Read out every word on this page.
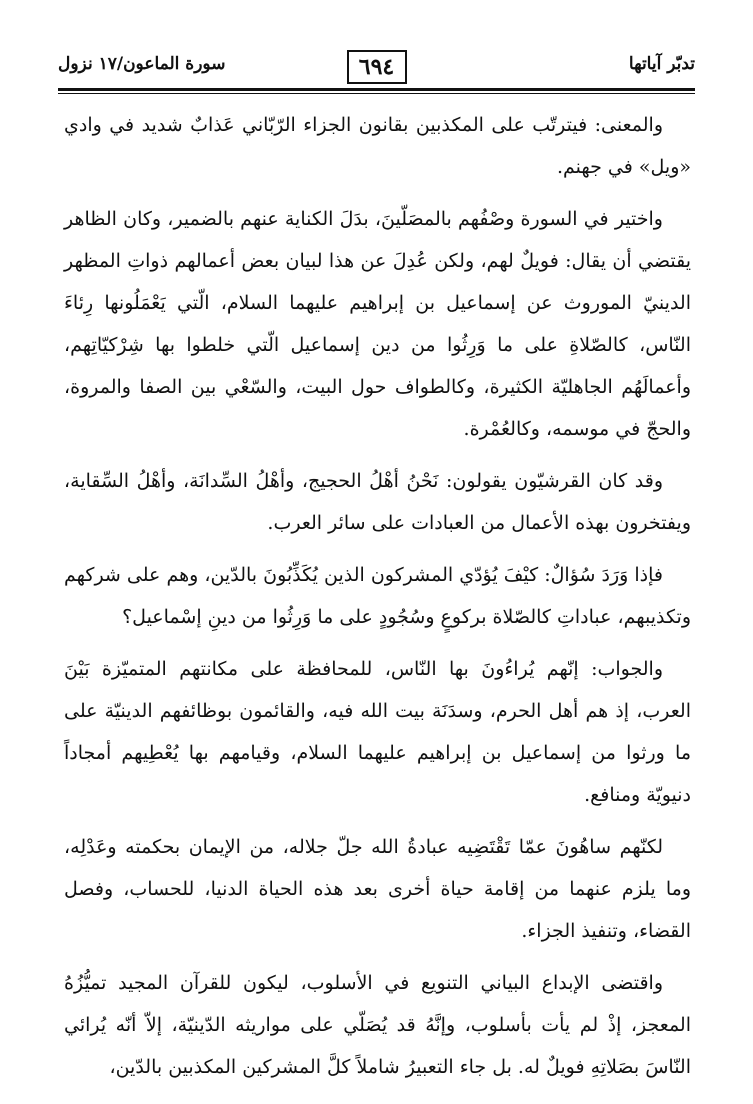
تدبّر آياتها
٦٩٤
سورة الماعون/١٧ نزول

والمعنى: فيترتّب على المكذبين بقانون الجزاء الرّبّاني عَذابٌ شديد في وادي «ويل» في جهنم.

واختير في السورة وصْفُهم بالمصَلّينَ، بدَلَ الكناية عنهم بالضمير، وكان الظاهر يقتضي أن يقال: فويلٌ لهم، ولكن عُدِلَ عن هذا لبيان بعض أعمالهم ذواتِ المظهر الدينيّ الموروث عن إسماعيل بن إبراهيم عليهما السلام، الّتي يَعْمَلُونها رِئاءَ النّاس، كالصّلاةِ على ما وَرِثُوا من دين إسماعيل الّتي خلطوا بها شِرْكيّاتِهم، وأعمالَهُم الجاهليّة الكثيرة، وكالطواف حول البيت، والسّعْي بين الصفا والمروة، والحجّ في موسمه، وكالعُمْرة.

وقد كان القرشيّون يقولون: نَحْنُ أهْلُ الحجيج، وأهْلُ السِّدانَة، وأهْلُ السِّقاية، ويفتخرون بهذه الأعمال من العبادات على سائر العرب.

فإذا وَرَدَ سُؤالٌ: كيْفَ يُؤدّي المشركون الذين يُكَذِّبُونَ بالدّين، وهم على شركهم وتكذيبهم، عباداتِ كالصّلاة بركوعٍ وسُجُودٍ على ما وَرِثُوا من دينِ إسْماعيل؟

والجواب: إنّهم يُراءُونَ بها النّاس، للمحافظة على مكانتهم المتميّزة بَيْنَ العرب، إذ هم أهل الحرم، وسدَنَة بيت الله فيه، والقائمون بوظائفهم الدينيّة على ما ورثوا من إسماعيل بن إبراهيم عليهما السلام، وقيامهم بها يُعْطِيهم أمجاداً دنيويّة ومنافع.

لكنّهم ساهُونَ عمّا تَقْتَضِيه عبادةُ الله جلّ جلاله، من الإيمان بحكمته وعَدْلِه، وما يلزم عنهما من إقامة حياة أخرى بعد هذه الحياة الدنيا، للحساب، وفصل القضاء، وتنفيذ الجزاء.

واقتضى الإبداع البياني التنويع في الأسلوب، ليكون للقرآن المجيد تميُّزُهُ المعجز، إذْ لم يأت بأسلوب، وإنَّهُ قد يُصَلّي على مواريثه الدّينيّة، إلاّ أنّه يُرائي النّاسَ بصَلاتِهِ فويلٌ له. بل جاء التعبيرُ شاملاً كلَّ المشركين المكذبين بالدّين،
